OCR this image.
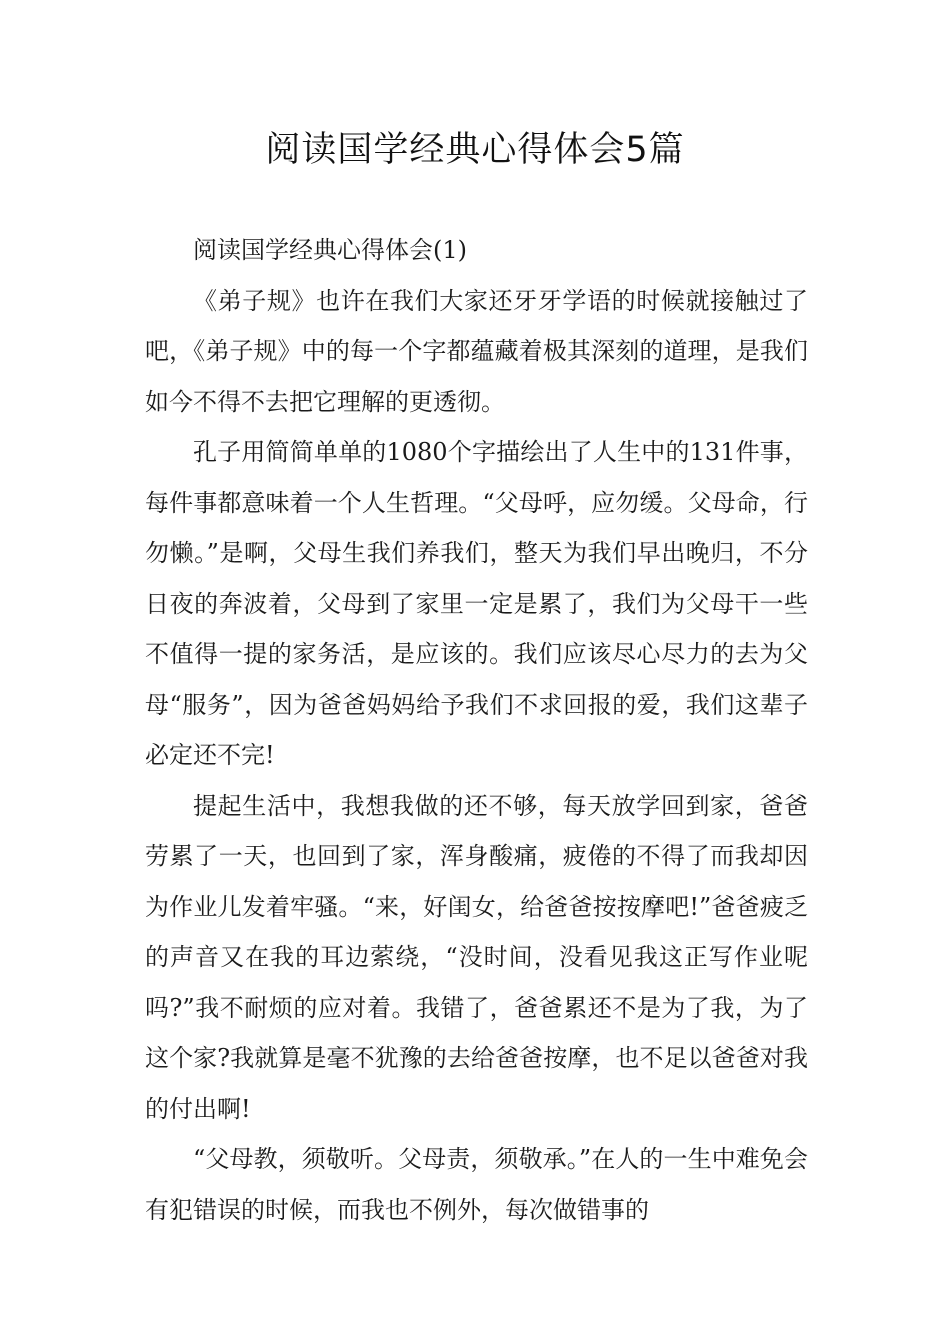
阅读国学经典心得体会5篇

阅读国学经典心得体会(1)

《弟子规》也许在我们大家还牙牙学语的时候就接触过了吧，《弟子规》中的每一个字都蕴藏着极其深刻的道理，是我们如今不得不去把它理解的更透彻。

孔子用简简单单的1080个字描绘出了人生中的131件事，每件事都意味着一个人生哲理。“父母呼，应勿缓。父母命，行勿懒。”是啊，父母生我们养我们，整天为我们早出晚归，不分日夜的奔波着，父母到了家里一定是累了，我们为父母干一些不值得一提的家务活，是应该的。我们应该尽心尽力的去为父母“服务”，因为爸爸妈妈给予我们不求回报的爱，我们这辈子必定还不完!

提起生活中，我想我做的还不够，每天放学回到家，爸爸劳累了一天，也回到了家，浑身酸痛，疲倦的不得了而我却因为作业儿发着牢骚。“来，好闺女，给爸爸按按摩吧!”爸爸疲乏的声音又在我的耳边萦绕，“没时间，没看见我这正写作业呢吗?”我不耐烦的应对着。我错了，爸爸累还不是为了我，为了这个家?我就算是毫不犹豫的去给爸爸按摩，也不足以爸爸对我的付出啊!

“父母教，须敬听。父母责，须敬承。”在人的一生中难免会有犯错误的时候，而我也不例外，每次做错事的
